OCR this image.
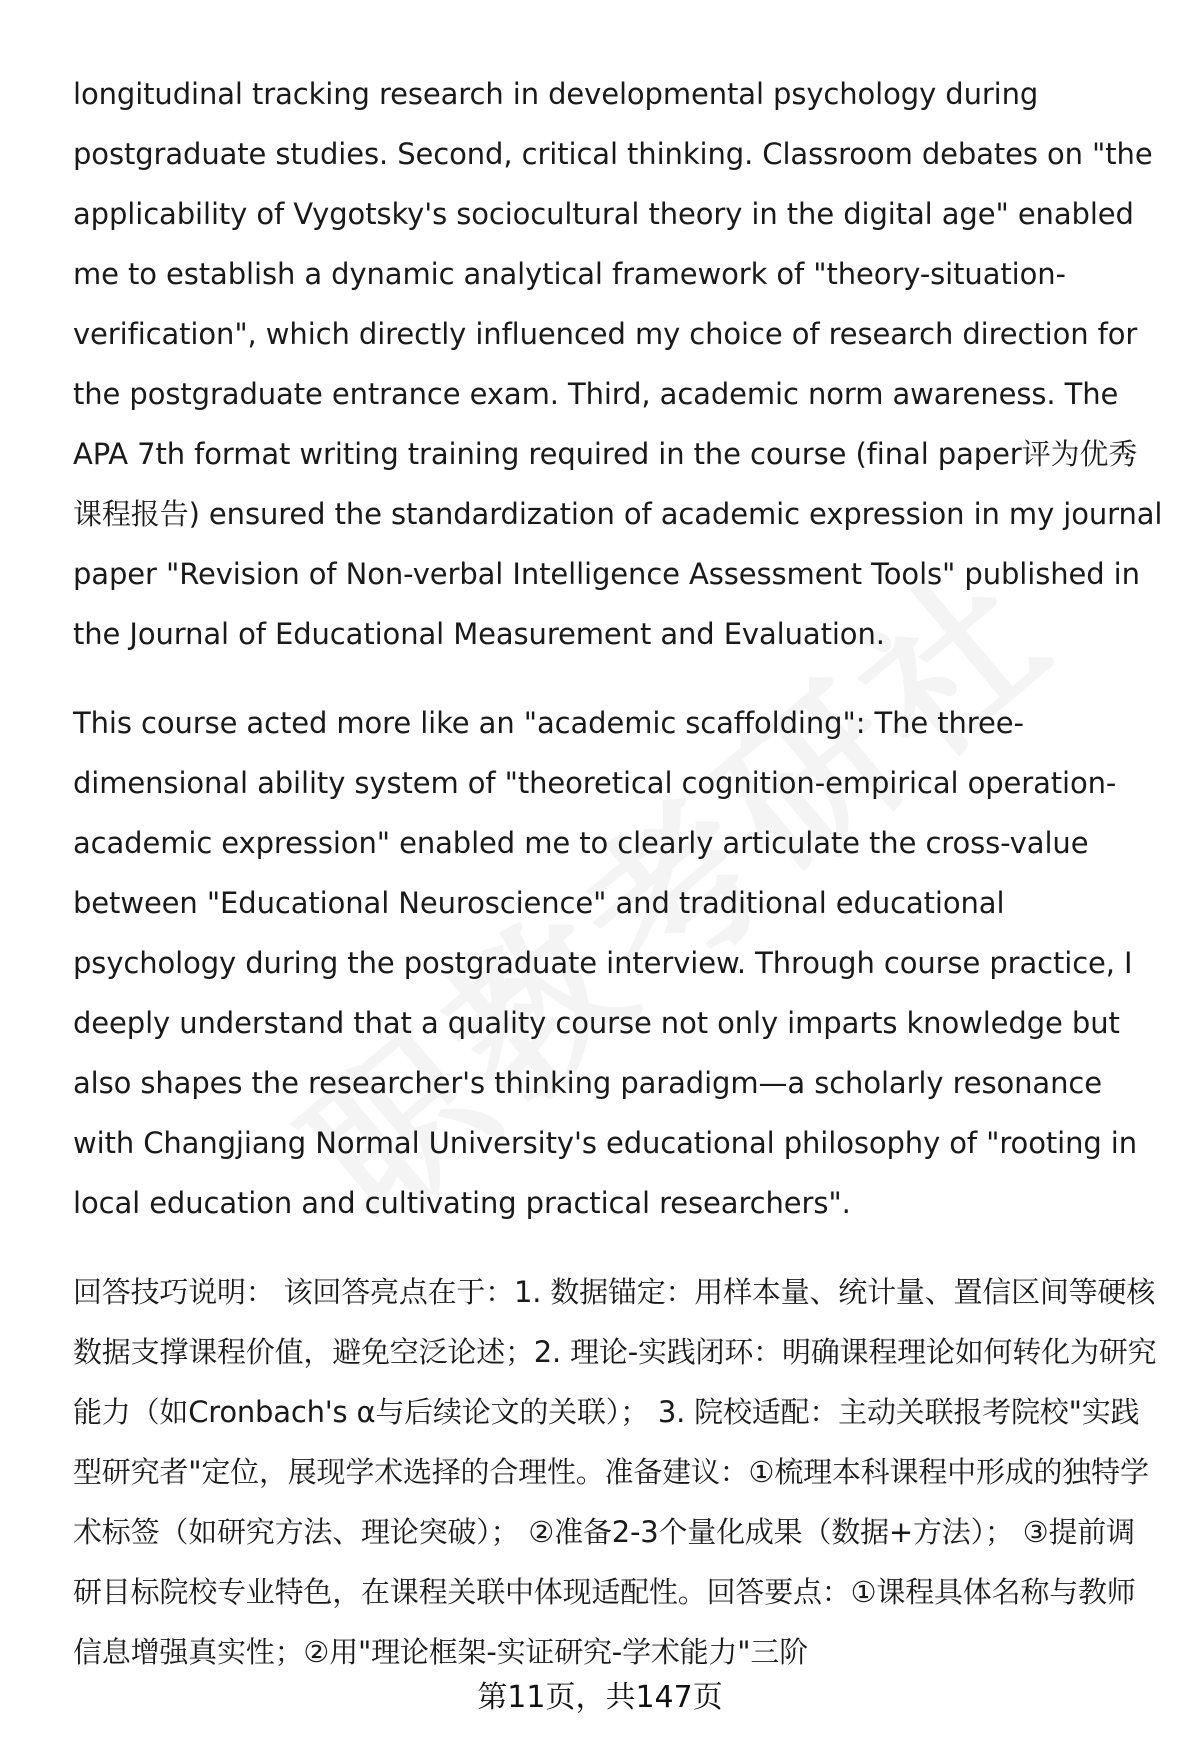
longitudinal tracking research in developmental psychology during postgraduate studies. Second, critical thinking. Classroom debates on "the applicability of Vygotsky's sociocultural theory in the digital age" enabled me to establish a dynamic analytical framework of "theory-situation-verification", which directly influenced my choice of research direction for the postgraduate entrance exam. Third, academic norm awareness. The APA 7th format writing training required in the course (final paper评为优秀课程报告) ensured the standardization of academic expression in my journal paper "Revision of Non-verbal Intelligence Assessment Tools" published in the Journal of Educational Measurement and Evaluation.

This course acted more like an "academic scaffolding": The three-dimensional ability system of "theoretical cognition-empirical operation-academic expression" enabled me to clearly articulate the cross-value between "Educational Neuroscience" and traditional educational psychology during the postgraduate interview. Through course practice, I deeply understand that a quality course not only imparts knowledge but also shapes the researcher's thinking paradigm—a scholarly resonance with Changjiang Normal University's educational philosophy of "rooting in local education and cultivating practical researchers".

回答技巧说明： 该回答亮点在于：1. 数据锚定：用样本量、统计量、置信区间等硬核数据支撑课程价值，避免空泛论述；2. 理论-实践闭环：明确课程理论如何转化为研究能力（如Cronbach's α与后续论文的关联）； 3. 院校适配：主动关联报考院校"实践型研究者"定位，展现学术选择的合理性。准备建议：①梳理本科课程中形成的独特学术标签（如研究方法、理论突破）； ②准备2-3个量化成果（数据+方法）； ③提前调研目标院校专业特色，在课程关联中体现适配性。回答要点：①课程具体名称与教师信息增强真实性；②用"理论框架-实证研究-学术能力"三阶

第11页，共147页
